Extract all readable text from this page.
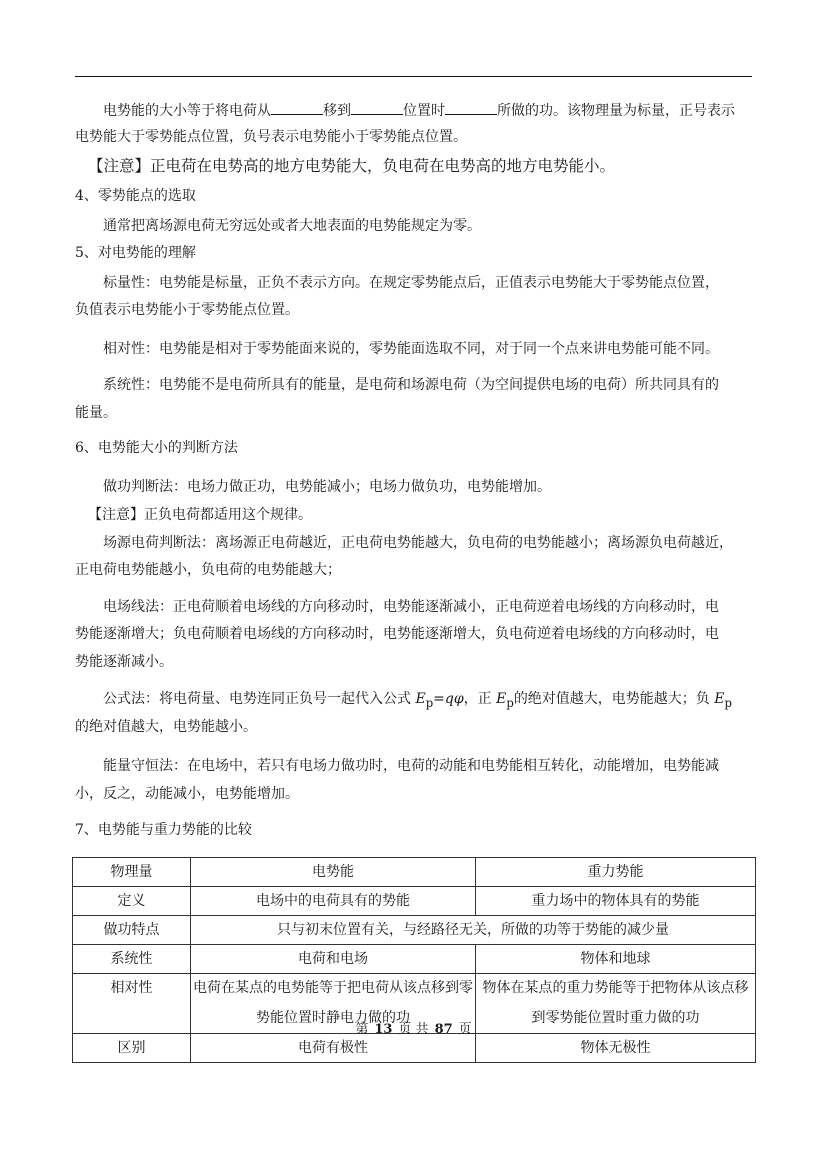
电势能的大小等于将电荷从	移到	位置时	所做的功。该物理量为标量，正号表示
电势能大于零势能点位置，负号表示电势能小于零势能点位置。
【注意】正电荷在电势高的地方电势能大，负电荷在电势高的地方电势能小。
4、零势能点的选取
通常把离场源电荷无穷远处或者大地表面的电势能规定为零。
5、对电势能的理解
标量性：电势能是标量，正负不表示方向。在规定零势能点后，正值表示电势能大于零势能点位置，
负值表示电势能小于零势能点位置。
相对性：电势能是相对于零势能面来说的，零势能面选取不同，对于同一个点来讲电势能可能不同。
系统性：电势能不是电荷所具有的能量，是电荷和场源电荷（为空间提供电场的电荷）所共同具有的
能量。
6、电势能大小的判断方法
做功判断法：电场力做正功，电势能减小；电场力做负功，电势能增加。
【注意】正负电荷都适用这个规律。
场源电荷判断法：离场源正电荷越近，正电荷电势能越大，负电荷的电势能越小；离场源负电荷越近，
正电荷电势能越小，负电荷的电势能越大；
电场线法：正电荷顺着电场线的方向移动时，电势能逐渐减小，正电荷逆着电场线的方向移动时，电
势能逐渐增大；负电荷顺着电场线的方向移动时，电势能逐渐增大，负电荷逆着电场线的方向移动时，电
势能逐渐减小。
公式法：将电荷量、电势连同正负号一起代入公式 $E_p=q\varphi$，正 $E_p$的绝对值越大，电势能越大；负 $E_p$
的绝对值越大，电势能越小。
能量守恒法：在电场中，若只有电场力做功时，电荷的动能和电势能相互转化，动能增加，电势能减
小，反之，动能减小，电势能增加。
7、电势能与重力势能的比较
物理量	电势能	重力势能
定义	电场中的电荷具有的势能	重力场中的物体具有的势能
做功特点	只与初末位置有关，与经路径无关，所做的功等于势能的减少量	
系统性	电荷和电场	物体和地球
相对性	电荷在某点的电势能等于把电荷从该点移到零势能位置时静电力做的功	物体在某点的重力势能等于把物体从该点移到零势能位置时重力做的功

区别	电荷有极性	物体无极性
第 13 页 共 87 页
